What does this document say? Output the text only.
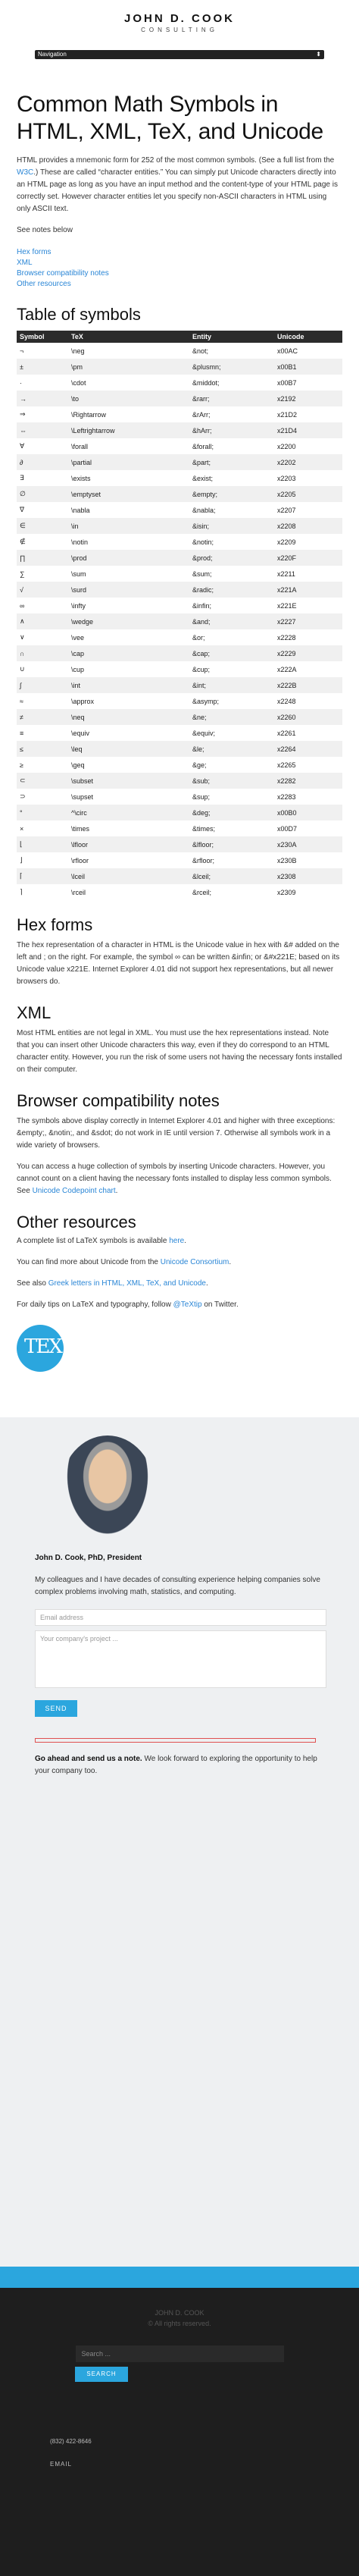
JOHN D. COOK
CONSULTING
Navigation	⬍
Common Math Symbols in HTML, XML, TeX, and Unicode

HTML provides a mnemonic form for 252 of the most common symbols. (See a full list from the W3C.) These are called “character entities.” You can simply put Unicode characters directly into an HTML page as long as you have an input method and the content-type of your HTML page is correctly set. However character entities let you specify non-ASCII characters in HTML using only ASCII text.

See notes below

Hex forms
XML
Browser compatibility notes
Other resources
Table of symbols
Symbol	TeX	Entity	Unicode
¬	\neg	&not;	x00AC
±	\pm	&plusmn;	x00B1
·	\cdot	&middot;	x00B7
→	\to	&rarr;	x2192
⇒	\Rightarrow	&rArr;	x21D2
⇔	\Leftrightarrow	&hArr;	x21D4
∀	\forall	&forall;	x2200
∂	\partial	&part;	x2202
∃	\exists	&exist;	x2203
∅	\emptyset	&empty;	x2205
∇	\nabla	&nabla;	x2207
∈	\in	&isin;	x2208
∉	\notin	&notin;	x2209
∏	\prod	&prod;	x220F
∑	\sum	&sum;	x2211
√	\surd	&radic;	x221A
∞	\infty	&infin;	x221E
∧	\wedge	&and;	x2227
∨	\vee	&or;	x2228
∩	\cap	&cap;	x2229
∪	\cup	&cup;	x222A
∫	\int	&int;	x222B
≈	\approx	&asymp;	x2248
≠	\neq	&ne;	x2260
≡	\equiv	&equiv;	x2261
≤	\leq	&le;	x2264
≥	\geq	&ge;	x2265
⊂	\subset	&sub;	x2282
⊃	\supset	&sup;	x2283
°	^\circ	&deg;	x00B0
×	\times	&times;	x00D7
⌊	\lfloor	&lfloor;	x230A
⌋	\rfloor	&rfloor;	x230B
⌈	\lceil	&lceil;	x2308
⌉	\rceil	&rceil;	x2309
Hex forms

The hex representation of a character in HTML is the Unicode value in hex with &# added on the left and ; on the right. For example, the symbol ∞ can be written &infin; or &#x221E; based on its Unicode value x221E. Internet Explorer 4.01 did not support hex representations, but all newer browsers do.

XML

Most HTML entities are not legal in XML. You must use the hex representations instead. Note that you can insert other Unicode characters this way, even if they do correspond to an HTML character entity. However, you run the risk of some users not having the necessary fonts installed on their computer.

Browser compatibility notes

The symbols above display correctly in Internet Explorer 4.01 and higher with three exceptions: &empty;, &notin;, and &sdot; do not work in IE until version 7. Otherwise all symbols work in a wide variety of browsers.

You can access a huge collection of symbols by inserting Unicode characters. However, you cannot count on a client having the necessary fonts installed to display less common symbols. See Unicode Codepoint chart.

Other resources

A complete list of LaTeX symbols is available here.

You can find more about Unicode from the Unicode Consortium.

See also Greek letters in HTML, XML, TeX, and Unicode.

For daily tips on LaTeX and typography, follow @TeXtip on Twitter.

TEX
John D. Cook, PhD, President
My colleagues and I have decades of consulting experience helping companies solve complex problems involving math, statistics, and computing.
Email address
Your company's project ...
SEND
Go ahead and send us a note. We look forward to exploring the opportunity to help your company too.
JOHN D. COOK
© All rights reserved.
Search ...
SEARCH
(832) 422-8646
EMAIL
